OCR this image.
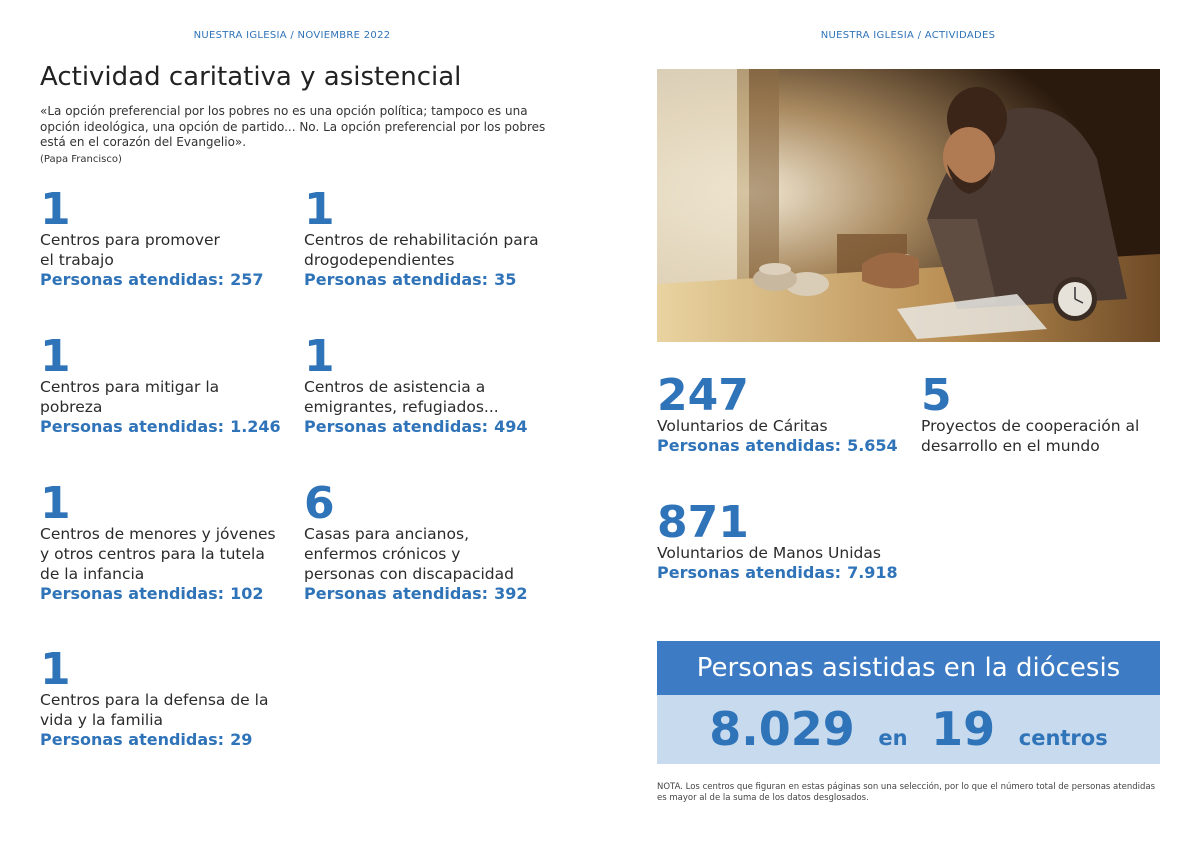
NUESTRA IGLESIA / NOVIEMBRE 2022	NUESTRA IGLESIA / ACTIVIDADES
Actividad caritativa y asistencial
«La opción preferencial por los pobres no es una opción política; tampoco es una opción ideológica, una opción de partido... No. La opción preferencial por los pobres está en el corazón del Evangelio».
(Papa Francisco)
1
Centros para promover
el trabajo
Personas atendidas: 257
1
Centros de rehabilitación para
drogodependientes
Personas atendidas: 35
1
Centros para mitigar la
pobreza
Personas atendidas: 1.246
1
Centros de asistencia a
emigrantes, refugiados...
Personas atendidas: 494
1
Centros de menores y jóvenes
y otros centros para la tutela
de la infancia
Personas atendidas: 102
6
Casas para ancianos,
enfermos crónicos y
personas con discapacidad
Personas atendidas: 392
1
Centros para la defensa de la
vida y la familia
Personas atendidas: 29
247
Voluntarios de Cáritas
Personas atendidas: 5.654
5
Proyectos de cooperación al
desarrollo en el mundo
871
Voluntarios de Manos Unidas
Personas atendidas: 7.918
Personas asistidas en la diócesis
8.029 en 19 centros
NOTA. Los centros que figuran en estas páginas son una selección, por lo que el número total de personas atendidas es mayor al de la suma de los datos desglosados.
